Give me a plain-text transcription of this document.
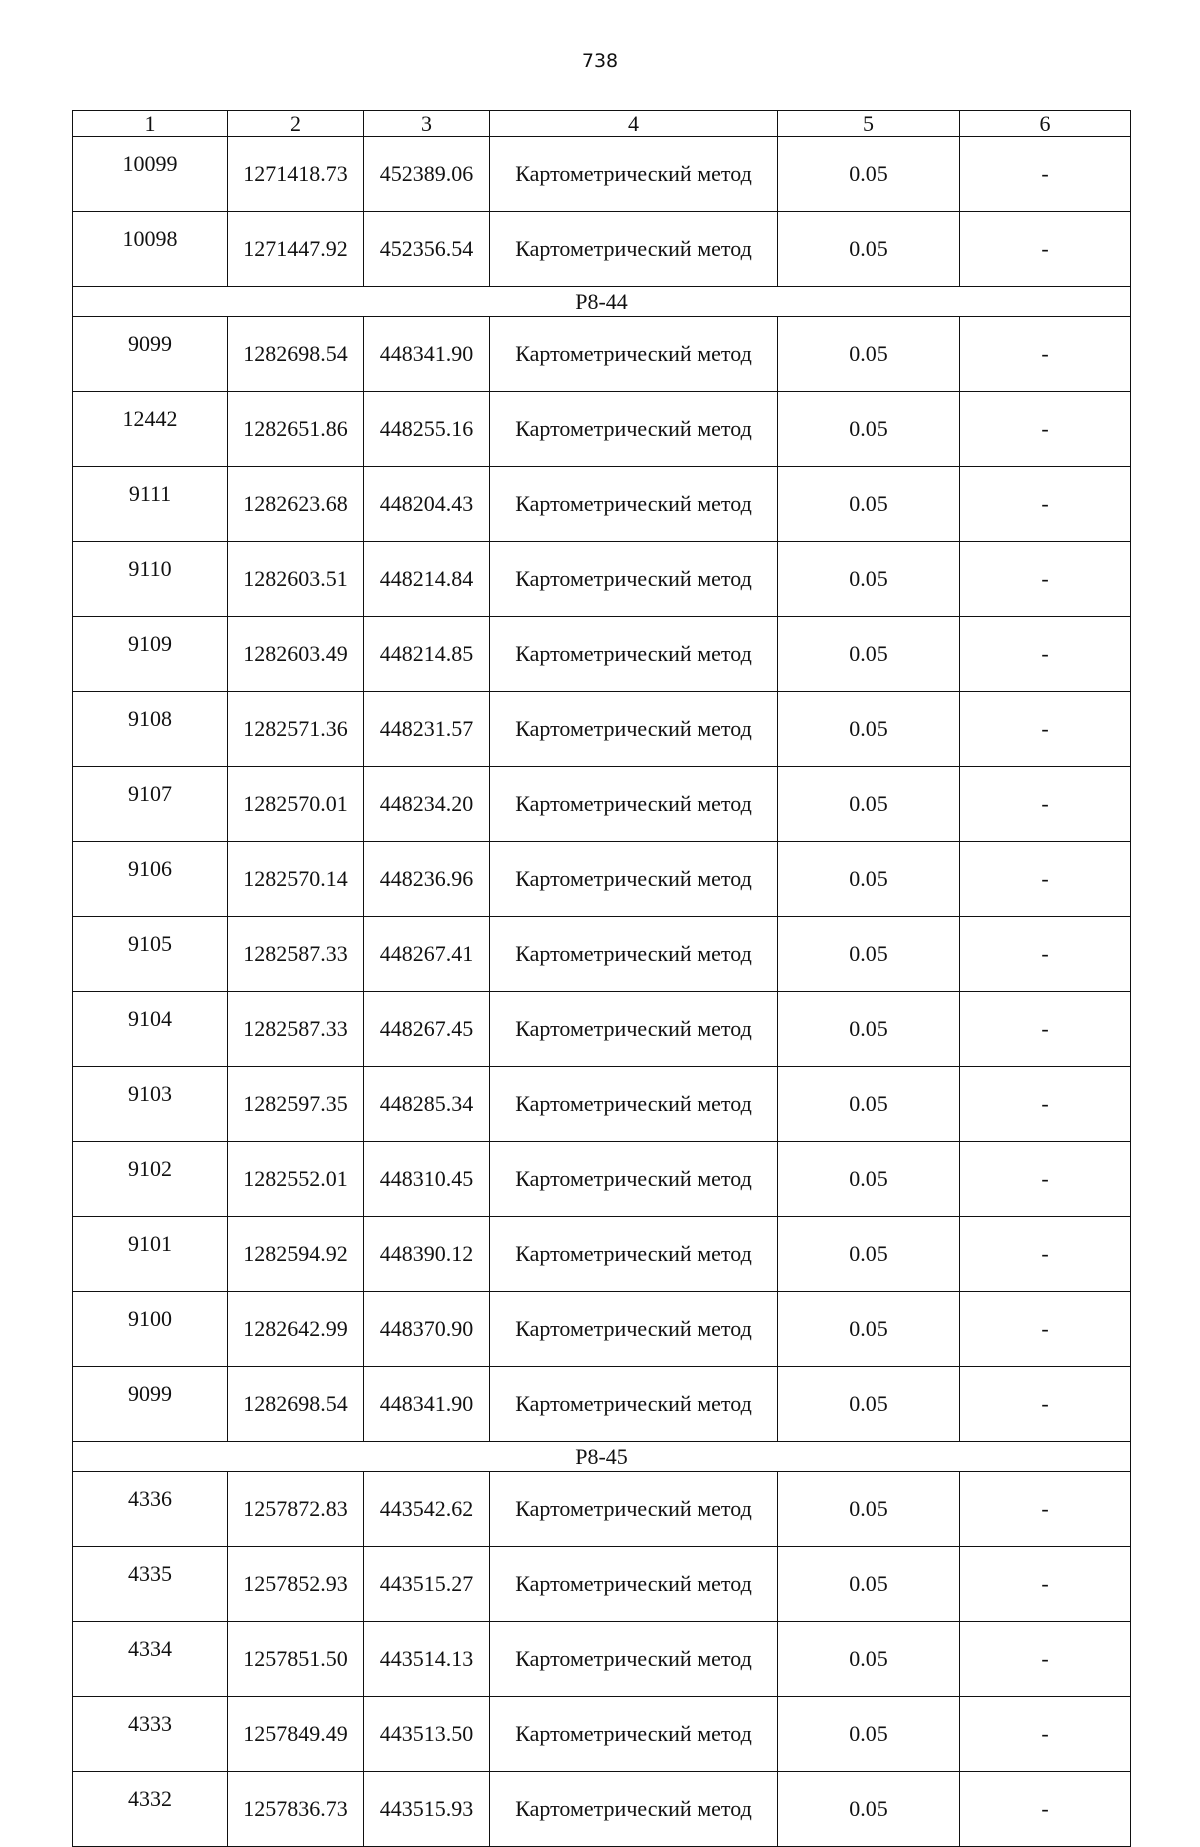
738
1	2	3	4	5	6
10099	1271418.73	452389.06	Картометрический метод	0.05	-
10098	1271447.92	452356.54	Картометрический метод	0.05	-
Р8-44					
9099	1282698.54	448341.90	Картометрический метод	0.05	-
12442	1282651.86	448255.16	Картометрический метод	0.05	-
9111	1282623.68	448204.43	Картометрический метод	0.05	-
9110	1282603.51	448214.84	Картометрический метод	0.05	-
9109	1282603.49	448214.85	Картометрический метод	0.05	-
9108	1282571.36	448231.57	Картометрический метод	0.05	-
9107	1282570.01	448234.20	Картометрический метод	0.05	-
9106	1282570.14	448236.96	Картометрический метод	0.05	-
9105	1282587.33	448267.41	Картометрический метод	0.05	-
9104	1282587.33	448267.45	Картометрический метод	0.05	-
9103	1282597.35	448285.34	Картометрический метод	0.05	-
9102	1282552.01	448310.45	Картометрический метод	0.05	-
9101	1282594.92	448390.12	Картометрический метод	0.05	-
9100	1282642.99	448370.90	Картометрический метод	0.05	-
9099	1282698.54	448341.90	Картометрический метод	0.05	-
Р8-45					
4336	1257872.83	443542.62	Картометрический метод	0.05	-
4335	1257852.93	443515.27	Картометрический метод	0.05	-
4334	1257851.50	443514.13	Картометрический метод	0.05	-
4333	1257849.49	443513.50	Картометрический метод	0.05	-
4332	1257836.73	443515.93	Картометрический метод	0.05	-
